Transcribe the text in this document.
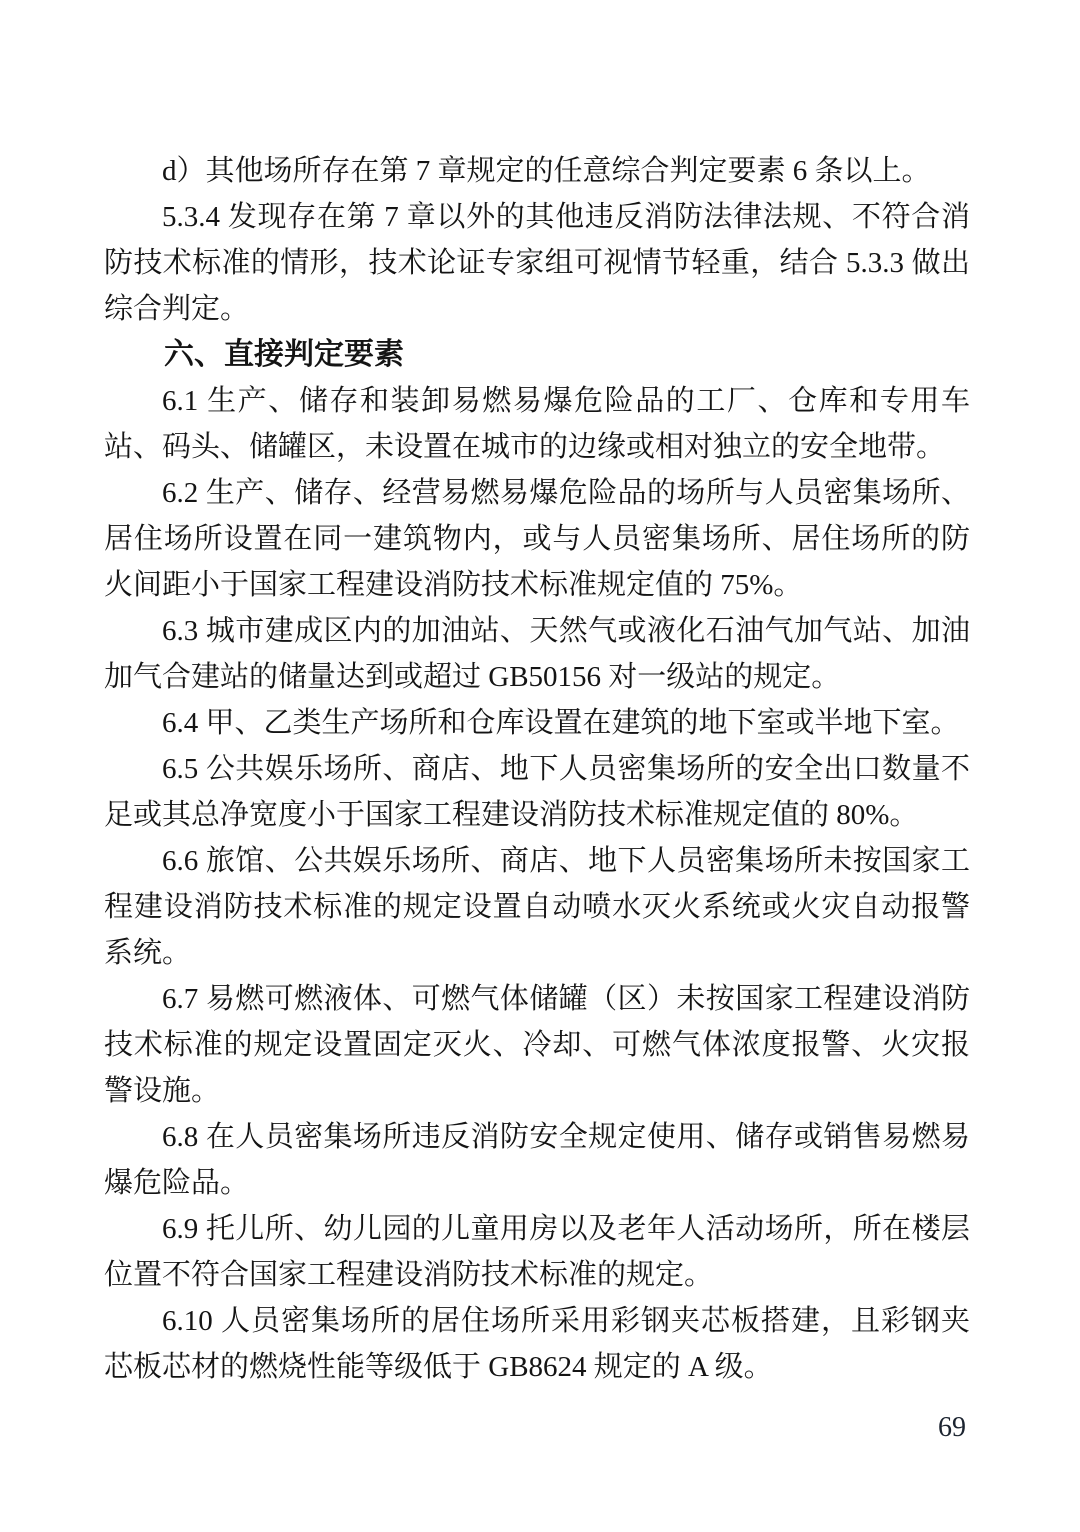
d）其他场所存在第 7 章规定的任意综合判定要素 6 条以上。

5.3.4 发现存在第 7 章以外的其他违反消防法律法规、不符合消防技术标准的情形，技术论证专家组可视情节轻重，结合 5.3.3 做出综合判定。

六、直接判定要素

6.1 生产、储存和装卸易燃易爆危险品的工厂、仓库和专用车站、码头、储罐区，未设置在城市的边缘或相对独立的安全地带。

6.2 生产、储存、经营易燃易爆危险品的场所与人员密集场所、居住场所设置在同一建筑物内，或与人员密集场所、居住场所的防火间距小于国家工程建设消防技术标准规定值的 75%。

6.3 城市建成区内的加油站、天然气或液化石油气加气站、加油加气合建站的储量达到或超过 GB50156 对一级站的规定。

6.4 甲、乙类生产场所和仓库设置在建筑的地下室或半地下室。

6.5 公共娱乐场所、商店、地下人员密集场所的安全出口数量不足或其总净宽度小于国家工程建设消防技术标准规定值的 80%。

6.6 旅馆、公共娱乐场所、商店、地下人员密集场所未按国家工程建设消防技术标准的规定设置自动喷水灭火系统或火灾自动报警系统。

6.7 易燃可燃液体、可燃气体储罐（区）未按国家工程建设消防技术标准的规定设置固定灭火、冷却、可燃气体浓度报警、火灾报警设施。

6.8 在人员密集场所违反消防安全规定使用、储存或销售易燃易爆危险品。

6.9 托儿所、幼儿园的儿童用房以及老年人活动场所，所在楼层位置不符合国家工程建设消防技术标准的规定。

6.10 人员密集场所的居住场所采用彩钢夹芯板搭建，且彩钢夹芯板芯材的燃烧性能等级低于 GB8624 规定的 A 级。

69
